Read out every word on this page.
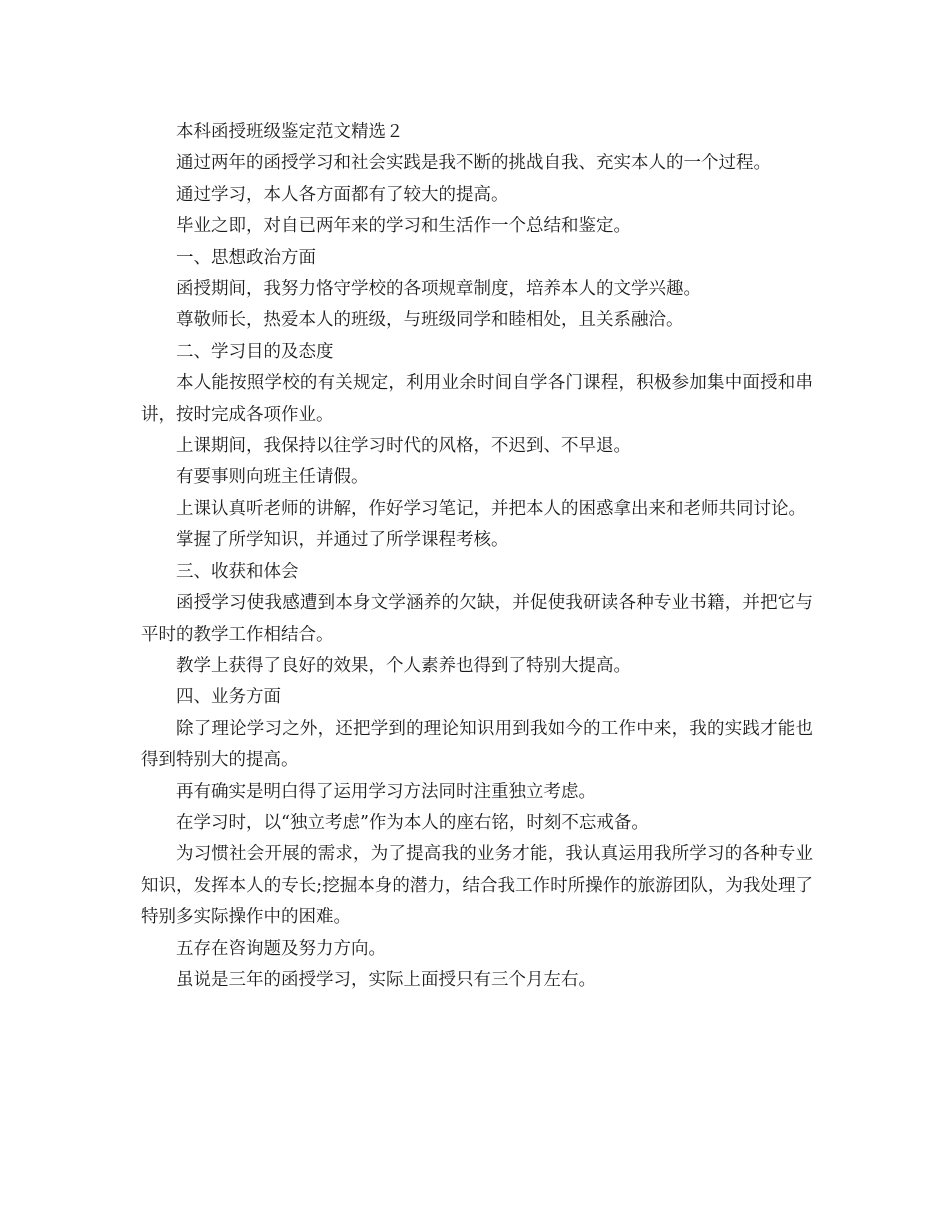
本科函授班级鉴定范文精选２

通过两年的函授学习和社会实践是我不断的挑战自我、充实本人的一个过程。

通过学习，本人各方面都有了较大的提高。

毕业之即，对自已两年来的学习和生活作一个总结和鉴定。

一、思想政治方面

函授期间，我努力恪守学校的各项规章制度，培养本人的文学兴趣。

尊敬师长，热爱本人的班级，与班级同学和睦相处，且关系融洽。

二、学习目的及态度

本人能按照学校的有关规定，利用业余时间自学各门课程，积极参加集中面授和串讲，按时完成各项作业。

上课期间，我保持以往学习时代的风格，不迟到、不早退。

有要事则向班主任请假。

上课认真听老师的讲解，作好学习笔记，并把本人的困惑拿出来和老师共同讨论。

掌握了所学知识，并通过了所学课程考核。

三、收获和体会

函授学习使我感遭到本身文学涵养的欠缺，并促使我研读各种专业书籍，并把它与平时的教学工作相结合。

教学上获得了良好的效果，个人素养也得到了特别大提高。

四、业务方面

除了理论学习之外，还把学到的理论知识用到我如今的工作中来，我的实践才能也得到特别大的提高。

再有确实是明白得了运用学习方法同时注重独立考虑。

在学习时，以“独立考虑”作为本人的座右铭，时刻不忘戒备。

为习惯社会开展的需求，为了提高我的业务才能，我认真运用我所学习的各种专业知识，发挥本人的专长;挖掘本身的潜力，结合我工作时所操作的旅游团队，为我处理了特别多实际操作中的困难。

五存在咨询题及努力方向。

虽说是三年的函授学习，实际上面授只有三个月左右。
